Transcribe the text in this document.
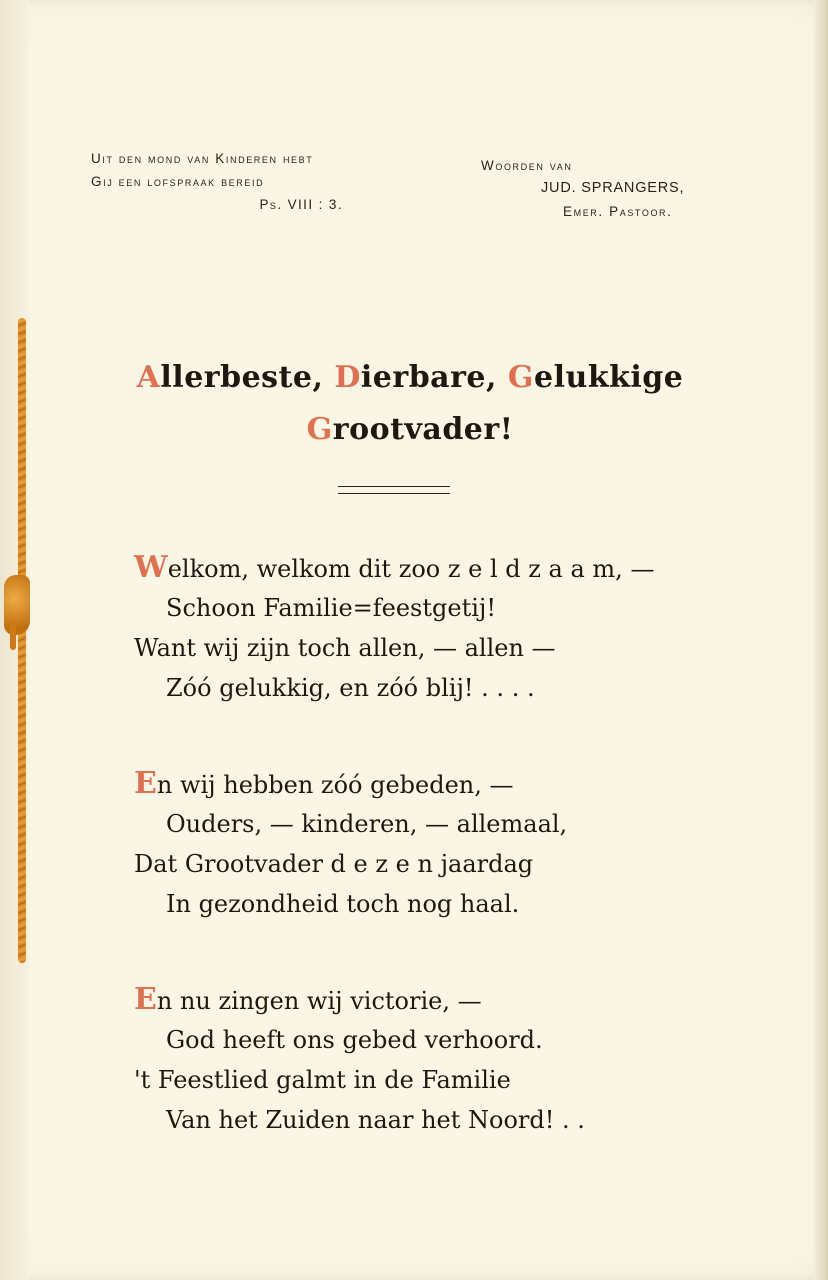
Uit den mond van Kinderen hebt
Gij een lofspraak bereid
Ps. VIII : 3.
Woorden van
JUD. SPRANGERS,
Emer. Pastoor.
Allerbeste, Dierbare, Gelukkige
Grootvader!
Welkom, welkom dit zoo z e l d z a a m, —
Schoon Familie=feestgetij!
Want wij zijn toch allen, — allen —
Zóó gelukkig, en zóó blij! . . . .
En wij hebben zóó gebeden, —
Ouders, — kinderen, — allemaal,
Dat Grootvader d e z e n jaardag
In gezondheid toch nog haal.
En nu zingen wij victorie, —
God heeft ons gebed verhoord.
't Feestlied galmt in de Familie
Van het Zuiden naar het Noord! . .
